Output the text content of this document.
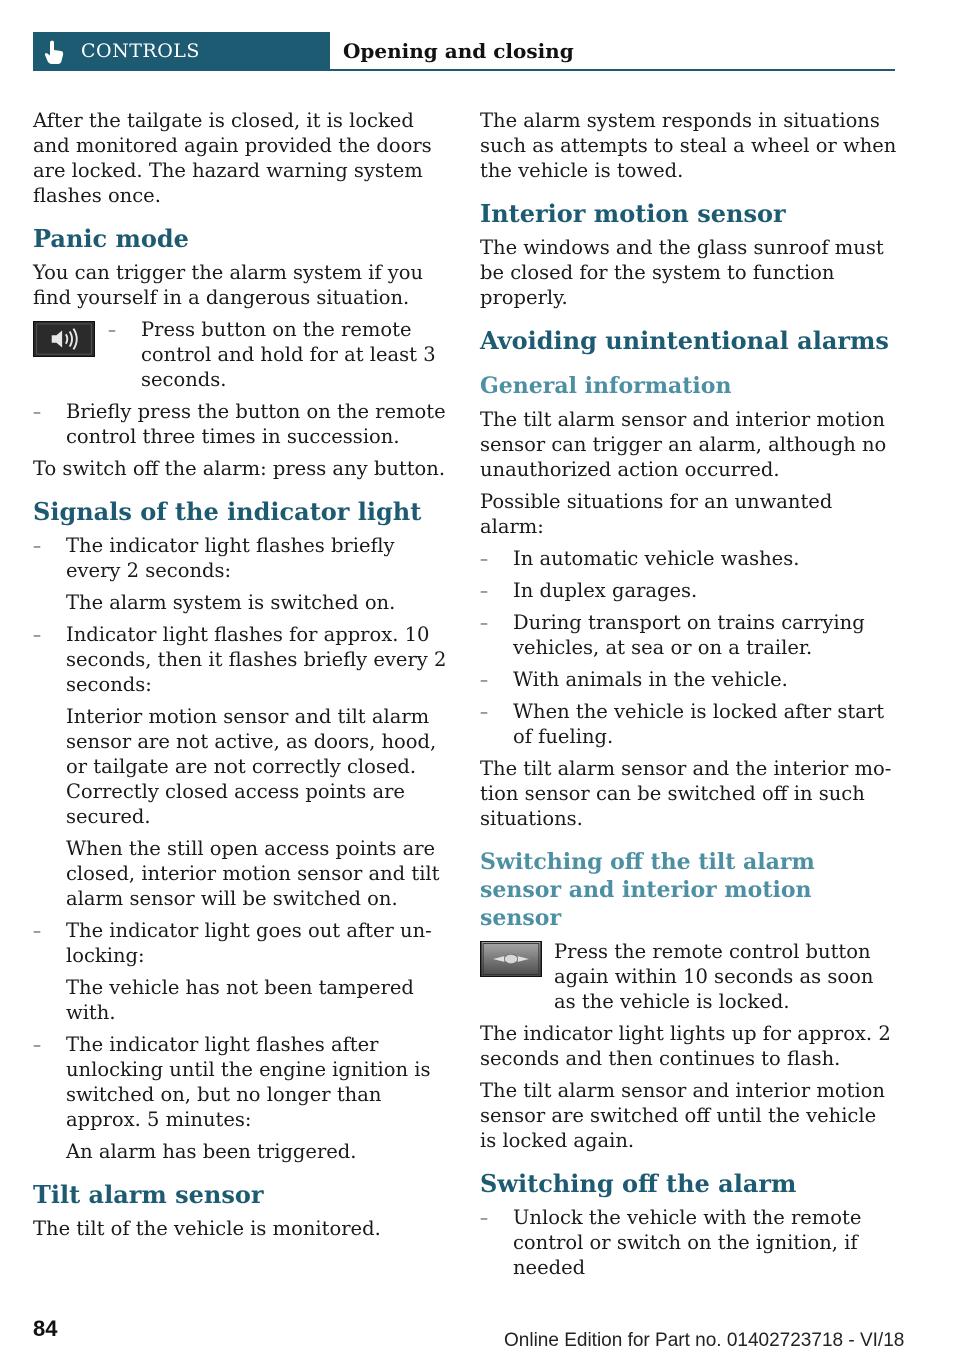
CONTROLS	Opening and closing

After the tailgate is closed, it is locked and monitored again provided the doors are locked. The hazard warning system flashes once.

Panic mode

You can trigger the alarm system if you find yourself in a dangerous situation.

– Press button on the remote control and hold for at least 3 seconds.
– Briefly press the button on the remote control three times in succession.

To switch off the alarm: press any button.

Signals of the indicator light
– The indicator light flashes briefly every 2 seconds:
The alarm system is switched on.
– Indicator light flashes for approx. 10 seconds, then it flashes briefly every 2 seconds:
Interior motion sensor and tilt alarm sensor are not active, as doors, hood, or tailgate are not correctly closed. Correctly closed access points are secured.
When the still open access points are closed, interior motion sensor and tilt alarm sensor will be switched on.
– The indicator light goes out after unlocking:
The vehicle has not been tampered with.
– The indicator light flashes after unlocking until the engine ignition is switched on, but no longer than approx. 5 minutes:
An alarm has been triggered.
Tilt alarm sensor

The tilt of the vehicle is monitored.

The alarm system responds in situations such as attempts to steal a wheel or when the vehicle is towed.

Interior motion sensor

The windows and the glass sunroof must be closed for the system to function properly.

Avoiding unintentional alarms
General information

The tilt alarm sensor and interior motion sensor can trigger an alarm, although no unauthorized action occurred.

Possible situations for an unwanted alarm:

– In automatic vehicle washes.
– In duplex garages.
– During transport on trains carrying vehicles, at sea or on a trailer.
– With animals in the vehicle.
– When the vehicle is locked after start of fueling.

The tilt alarm sensor and the interior motion sensor can be switched off in such situations.

Switching off the tilt alarm sensor and interior motion sensor
Press the remote control button again within 10 seconds as soon as the vehicle is locked.

The indicator light lights up for approx. 2 seconds and then continues to flash.

The tilt alarm sensor and interior motion sensor are switched off until the vehicle is locked again.

Switching off the alarm
– Unlock the vehicle with the remote control or switch on the ignition, if needed
84	Online Edition for Part no. 01402723718 - VI/18
